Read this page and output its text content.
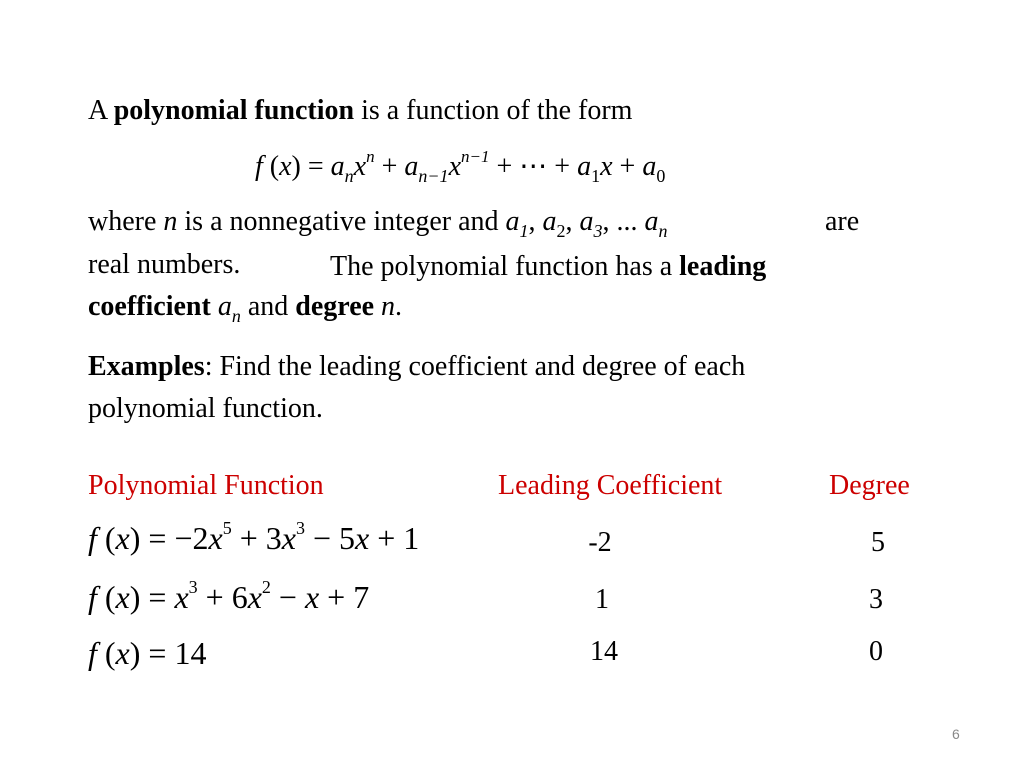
A polynomial function is a function of the form
f $(x) = a_nx^n + a_{n-1}x^{n-1}$ + ⋯ + $a_1x + a_0$
where n is a nonnegative integer and $a_1$, $a_2$, $a_3$, ... $a_n$	are
real numbers.	The polynomial function has a leading
coefficient $a_n$ and degree n.
Examples: Find the leading coefficient and degree of each
polynomial function.
Polynomial Function	Leading Coefficient	Degree
f $(x) = -2x^5 + 3x^3 - 5x + 1$	-2	5
f $(x) = x^3 + 6x^2 - x + 7$	1	3
f (x) = 14	14	0
6
